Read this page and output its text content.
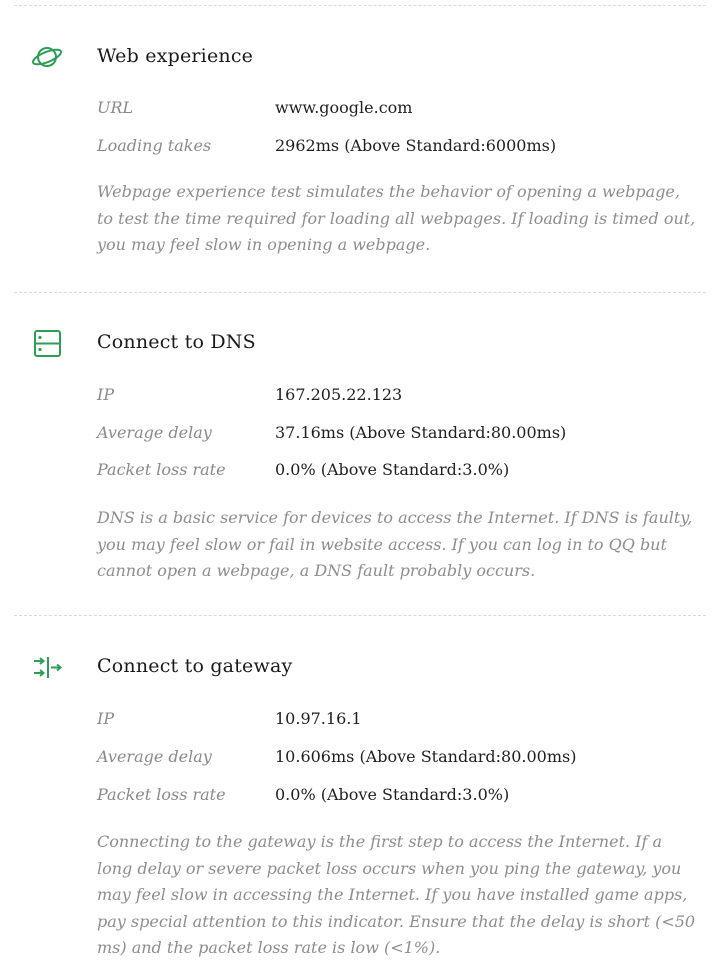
Web experience
URL	www.google.com
Loading takes	2962ms (Above Standard:6000ms)
Webpage experience test simulates the behavior of opening a webpage, to test the time required for loading all webpages. If loading is timed out, you may feel slow in opening a webpage.
Connect to DNS
IP	167.205.22.123
Average delay	37.16ms (Above Standard:80.00ms)
Packet loss rate	0.0% (Above Standard:3.0%)
DNS is a basic service for devices to access the Internet. If DNS is faulty, you may feel slow or fail in website access. If you can log in to QQ but cannot open a webpage, a DNS fault probably occurs.
Connect to gateway
IP	10.97.16.1
Average delay	10.606ms (Above Standard:80.00ms)
Packet loss rate	0.0% (Above Standard:3.0%)
Connecting to the gateway is the first step to access the Internet. If a long delay or severe packet loss occurs when you ping the gateway, you may feel slow in accessing the Internet. If you have installed game apps, pay special attention to this indicator. Ensure that the delay is short (<50 ms) and the packet loss rate is low (<1%).
